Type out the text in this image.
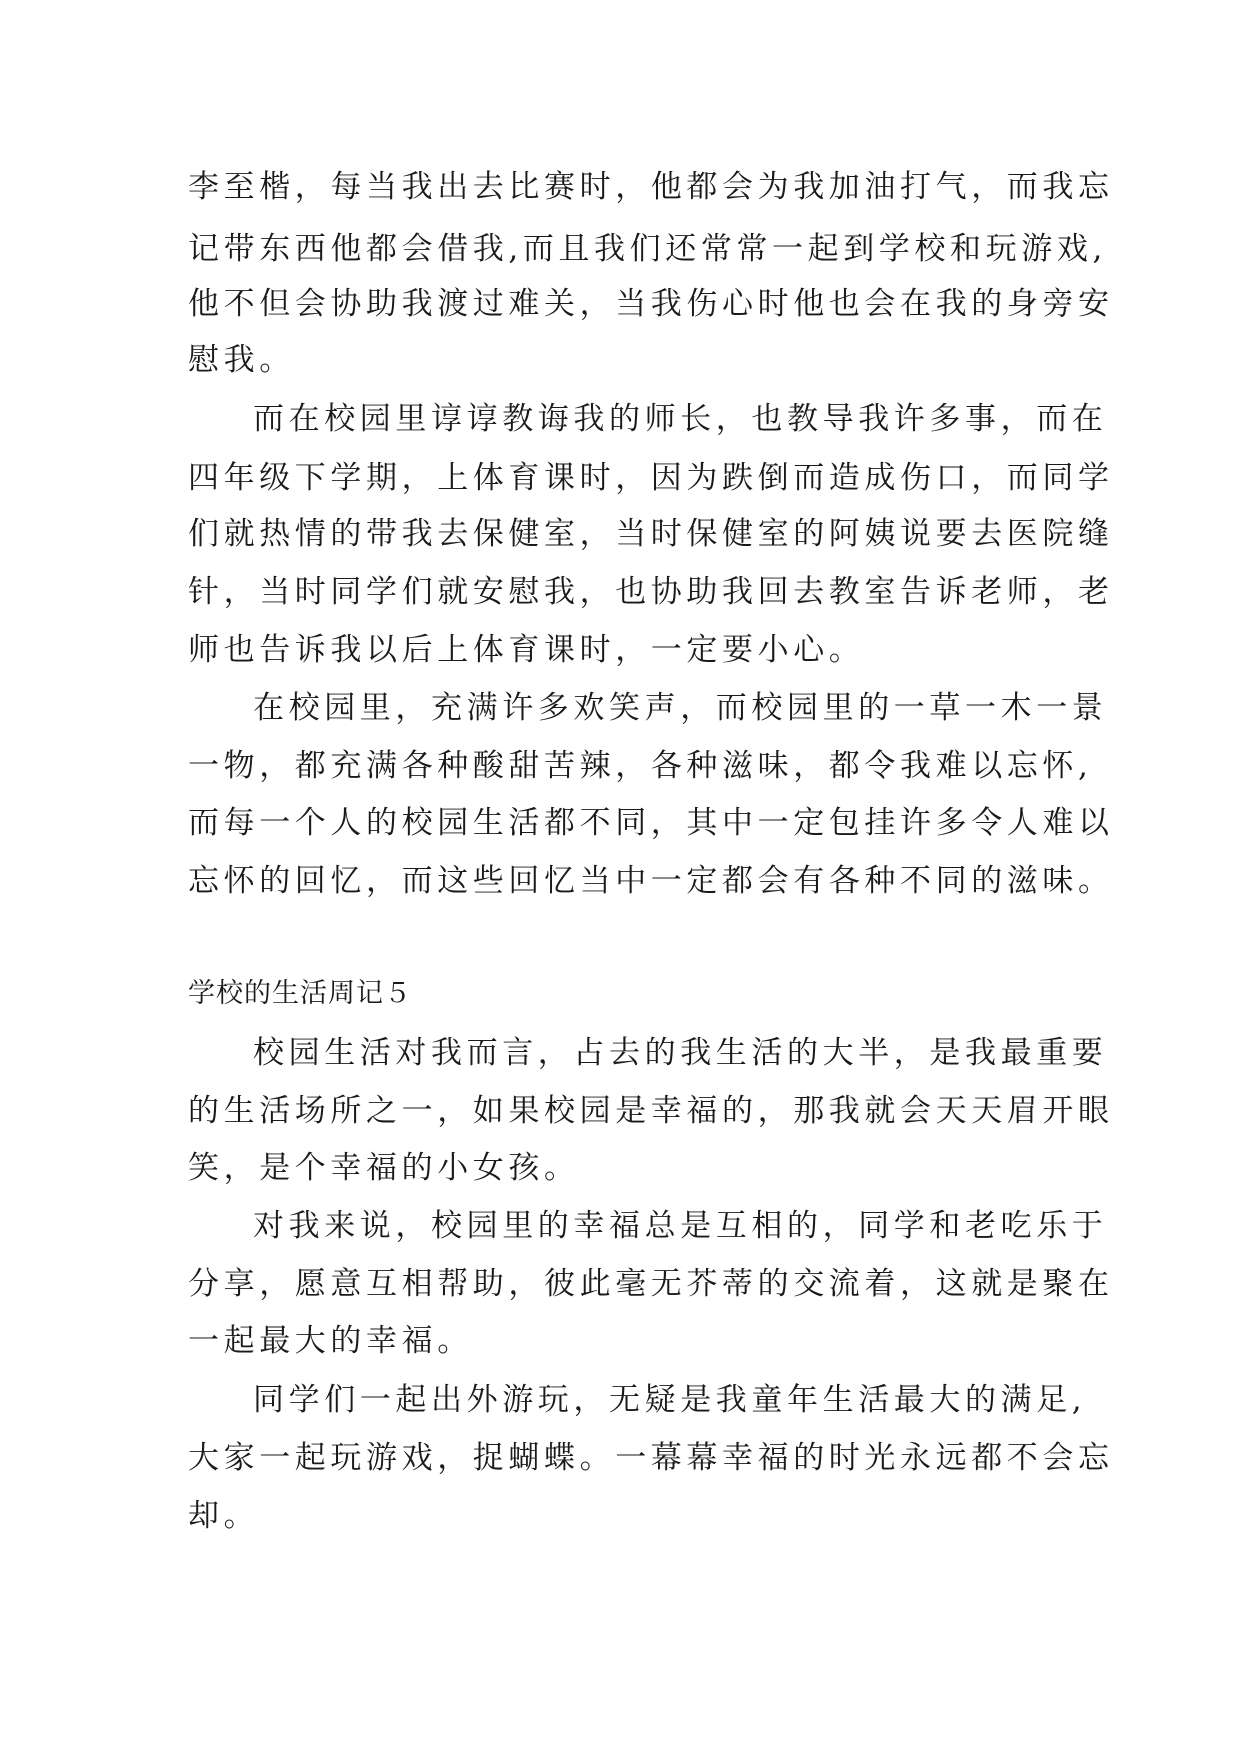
李至楷，每当我出去比赛时，他都会为我加油打气，而我忘
记带东西他都会借我,而且我们还常常一起到学校和玩游戏,
他不但会协助我渡过难关，当我伤心时他也会在我的身旁安
慰我。
而在校园里谆谆教诲我的师长，也教导我许多事，而在
四年级下学期，上体育课时，因为跌倒而造成伤口，而同学
们就热情的带我去保健室，当时保健室的阿姨说要去医院缝
针，当时同学们就安慰我，也协助我回去教室告诉老师，老
师也告诉我以后上体育课时，一定要小心。
在校园里，充满许多欢笑声，而校园里的一草一木一景
一物，都充满各种酸甜苦辣，各种滋味，都令我难以忘怀,
而每一个人的校园生活都不同，其中一定包挂许多令人难以
忘怀的回忆，而这些回忆当中一定都会有各种不同的滋味。
学校的生活周记５
校园生活对我而言，占去的我生活的大半，是我最重要
的生活场所之一，如果校园是幸福的，那我就会天天眉开眼
笑，是个幸福的小女孩。
对我来说，校园里的幸福总是互相的，同学和老吃乐于
分享，愿意互相帮助，彼此毫无芥蒂的交流着，这就是聚在
一起最大的幸福。
同学们一起出外游玩，无疑是我童年生活最大的满足,
大家一起玩游戏，捉蝴蝶。一幕幕幸福的时光永远都不会忘
却。
